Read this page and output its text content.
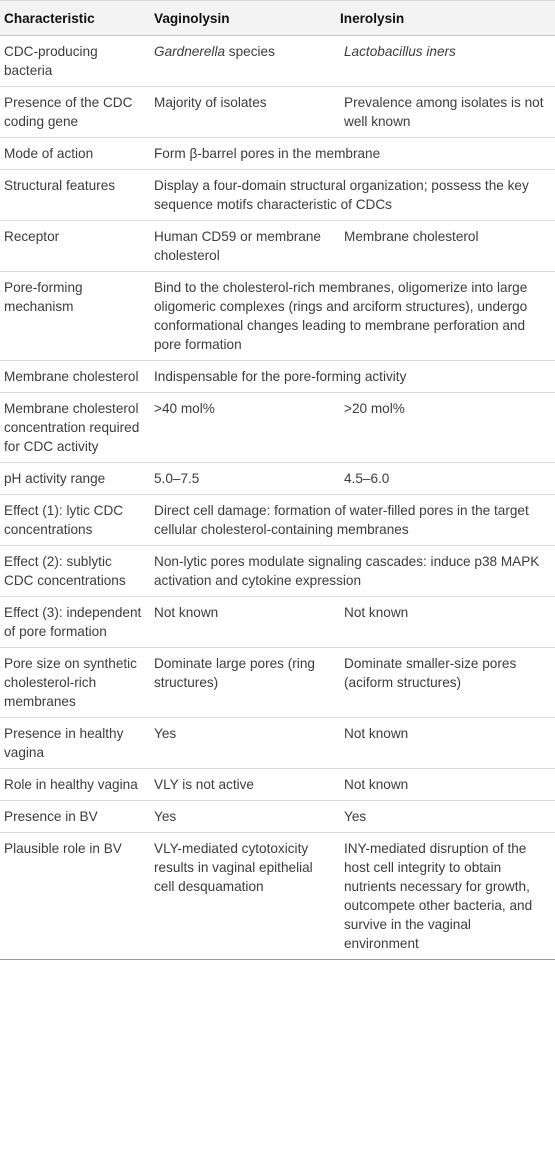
Characteristic	Vaginolysin	Inerolysin
CDC-producing bacteria	Gardnerella species	Lactobacillus iners
Presence of the CDC coding gene	Majority of isolates	Prevalence among isolates is not well known
Mode of action	Form β-barrel pores in the membrane	
Structural features	Display a four-domain structural organization; possess the key sequence motifs characteristic of CDCs	
Receptor	Human CD59 or membrane cholesterol	Membrane cholesterol
Pore-forming mechanism	Bind to the cholesterol-rich membranes, oligomerize into large oligomeric complexes (rings and arciform structures), undergo conformational changes leading to membrane perforation and pore formation	
Membrane cholesterol	Indispensable for the pore-forming activity	
Membrane cholesterol concentration required for CDC activity	>40 mol%	>20 mol%
pH activity range	5.0–7.5	4.5–6.0
Effect (1): lytic CDC concentrations	Direct cell damage: formation of water-filled pores in the target cellular cholesterol-containing membranes	
Effect (2): sublytic CDC concentrations	Non-lytic pores modulate signaling cascades: induce p38 MAPK activation and cytokine expression	
Effect (3): independent of pore formation	Not known	Not known
Pore size on synthetic cholesterol-rich membranes	Dominate large pores (ring structures)	Dominate smaller-size pores (aciform structures)
Presence in healthy vagina	Yes	Not known
Role in healthy vagina	VLY is not active	Not known
Presence in BV	Yes	Yes
Plausible role in BV	VLY-mediated cytotoxicity results in vaginal epithelial cell desquamation	INY-mediated disruption of the host cell integrity to obtain nutrients necessary for growth, outcompete other bacteria, and survive in the vaginal environment
